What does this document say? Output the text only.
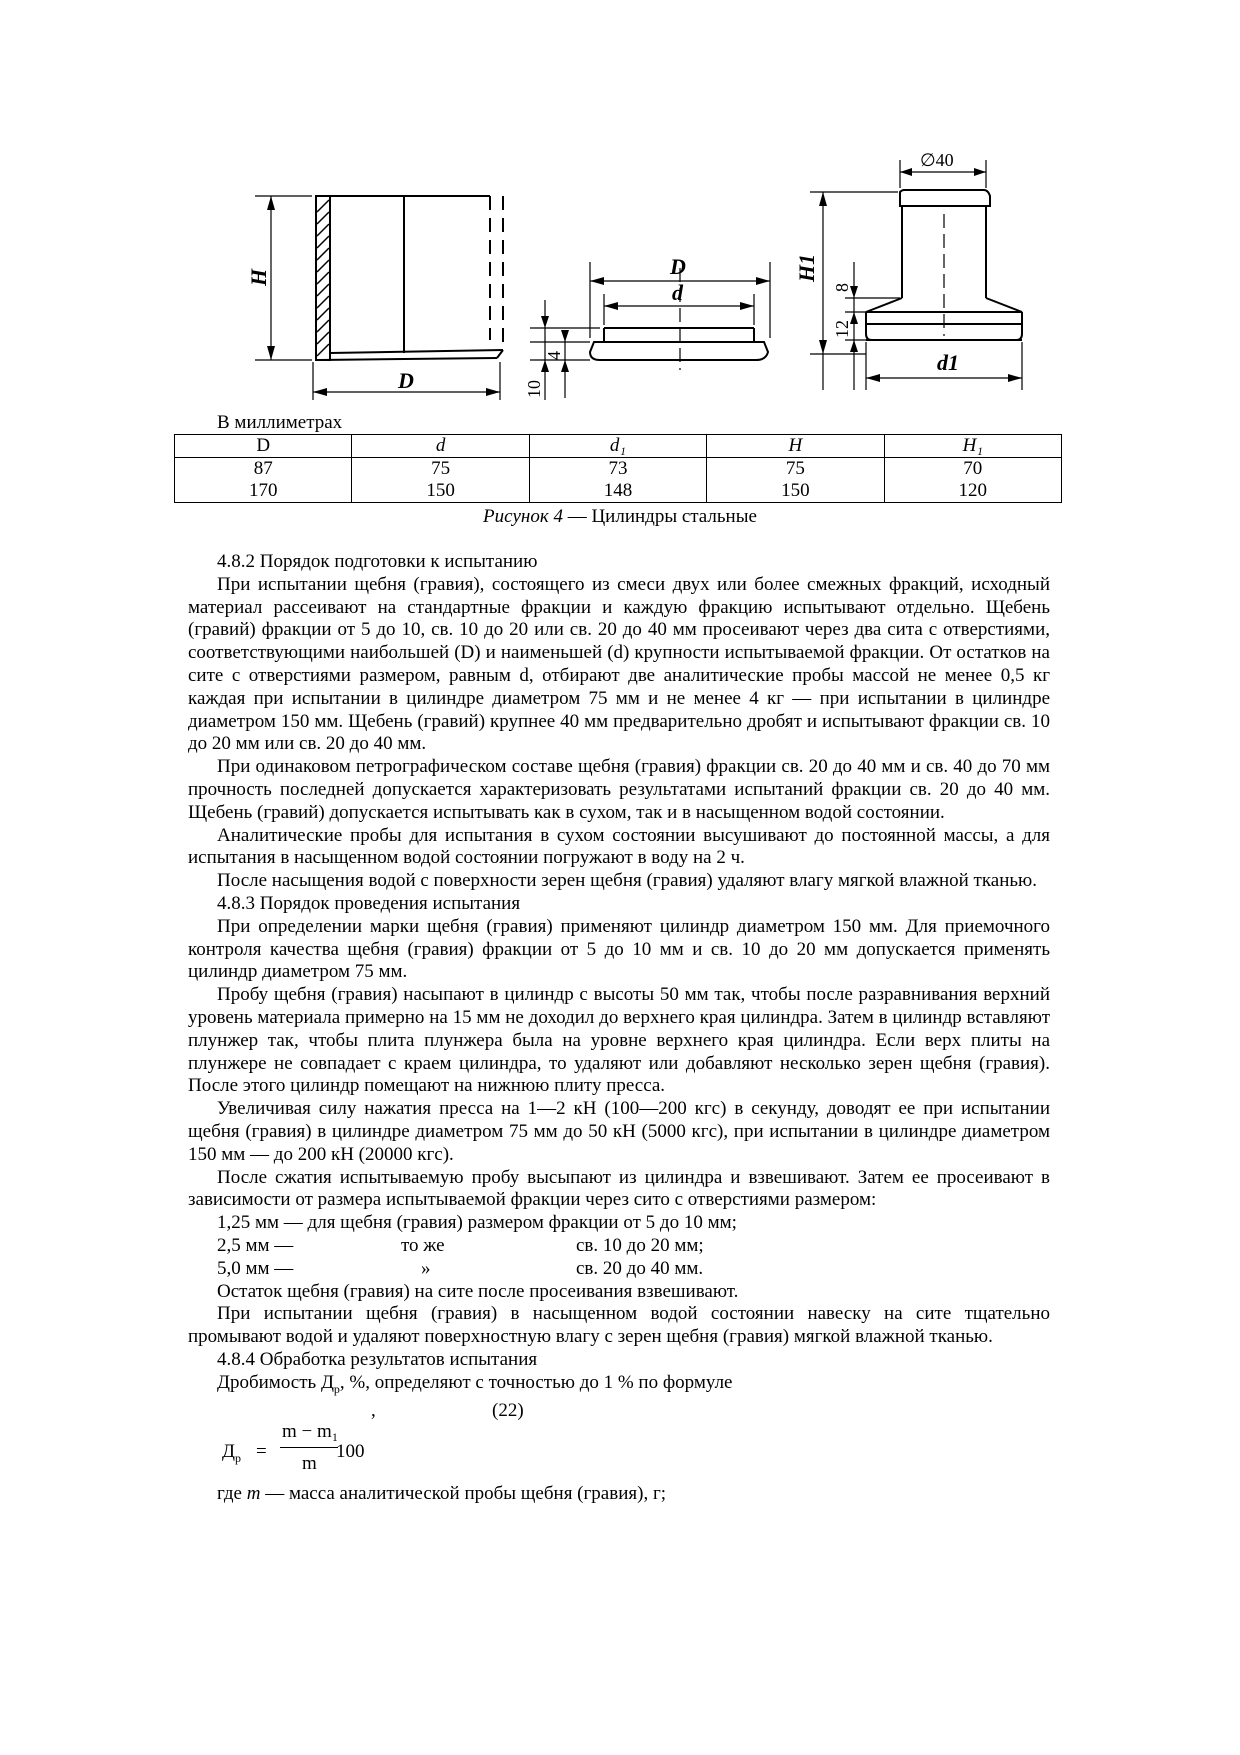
H
D
D
d
H1
d1
10
4
8
12
∅40
В миллиметрах
D	d	d₁	H	H₁
87	75	73	75	70
170	150	148	150	120
Рисунок 4 — Цилиндры стальные

4.8.2 Порядок подготовки к испытанию

При испытании щебня (гравия), состоящего из смеси двух или более смежных фракций, исходный материал рассеивают на стандартные фракции и каждую фракцию испытывают отдельно. Щебень (гравий) фракции от 5 до 10, св. 10 до 20 или св. 20 до 40 мм просеивают через два сита с отверстиями, соответствующими наибольшей (D) и наименьшей (d) крупности испытываемой фракции. От остатков на сите с отверстиями размером, равным d, отбирают две аналитические пробы массой не менее 0,5 кг каждая при испытании в цилиндре диаметром 75 мм и не менее 4 кг — при испытании в цилиндре диаметром 150 мм. Щебень (гравий) крупнее 40 мм предварительно дробят и испытывают фракции св. 10 до 20 мм или св. 20 до 40 мм.

При одинаковом петрографическом составе щебня (гравия) фракции св. 20 до 40 мм и св. 40 до 70 мм прочность последней допускается характеризовать результатами испытаний фракции св. 20 до 40 мм. Щебень (гравий) допускается испытывать как в сухом, так и в насыщенном водой состоянии.

Аналитические пробы для испытания в сухом состоянии высушивают до постоянной массы, а для испытания в насыщенном водой состоянии погружают в воду на 2 ч.

После насыщения водой с поверхности зерен щебня (гравия) удаляют влагу мягкой влажной тканью.

4.8.3 Порядок проведения испытания

При определении марки щебня (гравия) применяют цилиндр диаметром 150 мм. Для приемочного контроля качества щебня (гравия) фракции от 5 до 10 мм и св. 10 до 20 мм допускается применять цилиндр диаметром 75 мм.

Пробу щебня (гравия) насыпают в цилиндр с высоты 50 мм так, чтобы после разравнивания верхний уровень материала примерно на 15 мм не доходил до верхнего края цилиндра. Затем в цилиндр вставляют плунжер так, чтобы плита плунжера была на уровне верхнего края цилиндра. Если верх плиты на плунжере не совпадает с краем цилиндра, то удаляют или добавляют несколько зерен щебня (гравия). После этого цилиндр помещают на нижнюю плиту пресса.

Увеличивая силу нажатия пресса на 1—2 кН (100—200 кгс) в секунду, доводят ее при испытании щебня (гравия) в цилиндре диаметром 75 мм до 50 кН (5000 кгс), при испытании в цилиндре диаметром 150 мм — до 200 кН (20000 кгс).

После сжатия испытываемую пробу высыпают из цилиндра и взвешивают. Затем ее просеивают в зависимости от размера испытываемой фракции через сито с отверстиями размером:

1,25 мм — для щебня (гравия) размером фракции от 5 до 10 мм;

2,5 мм —	то же	св. 10 до 20 мм;
5,0 мм —	»	св. 20 до 40 мм.

Остаток щебня (гравия) на сите после просеивания взвешивают.

При испытании щебня (гравия) в насыщенном водой состоянии навеску на сите тщательно промывают водой и удаляют поверхностную влагу с зерен щебня (гравия) мягкой влажной тканью.

4.8.4 Обработка результатов испытания

Дробимость $Д_р$, %, определяют с точностью до 1 % по формуле

,	(22)
$Д_р$ =
m − m₁
m
100

где m — масса аналитической пробы щебня (гравия), г;
